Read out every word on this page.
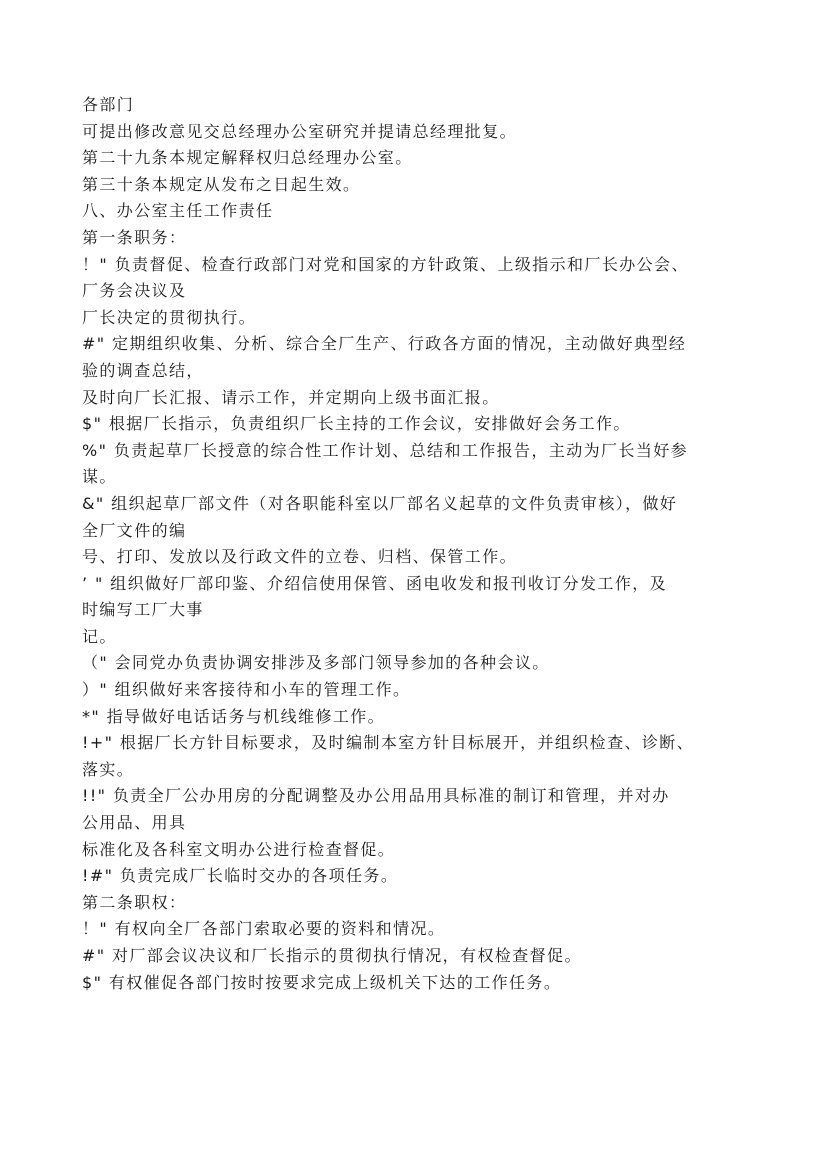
各部门
可提出修改意见交总经理办公室研究并提请总经理批复。
第二十九条本规定解释权归总经理办公室。
第三十条本规定从发布之日起生效。
八、办公室主任工作责任
第一条职务：
！" 负责督促、检查行政部门对党和国家的方针政策、上级指示和厂长办公会、
厂务会决议及
厂长决定的贯彻执行。
#" 定期组织收集、分析、综合全厂生产、行政各方面的情况，主动做好典型经
验的调查总结，
及时向厂长汇报、请示工作，并定期向上级书面汇报。
$" 根据厂长指示，负责组织厂长主持的工作会议，安排做好会务工作。
%" 负责起草厂长授意的综合性工作计划、总结和工作报告，主动为厂长当好参
谋。
&" 组织起草厂部文件（对各职能科室以厂部名义起草的文件负责审核），做好
全厂文件的编
号、打印、发放以及行政文件的立卷、归档、保管工作。
’ " 组织做好厂部印鉴、介绍信使用保管、函电收发和报刊收订分发工作，及
时编写工厂大事
记。
（" 会同党办负责协调安排涉及多部门领导参加的各种会议。
）" 组织做好来客接待和小车的管理工作。
*" 指导做好电话话务与机线维修工作。
!+" 根据厂长方针目标要求，及时编制本室方针目标展开，并组织检查、诊断、
落实。
!!" 负责全厂公办用房的分配调整及办公用品用具标准的制订和管理，并对办
公用品、用具
标准化及各科室文明办公进行检查督促。
!#" 负责完成厂长临时交办的各项任务。
第二条职权：
！" 有权向全厂各部门索取必要的资料和情况。
#" 对厂部会议决议和厂长指示的贯彻执行情况，有权检查督促。
$" 有权催促各部门按时按要求完成上级机关下达的工作任务。
